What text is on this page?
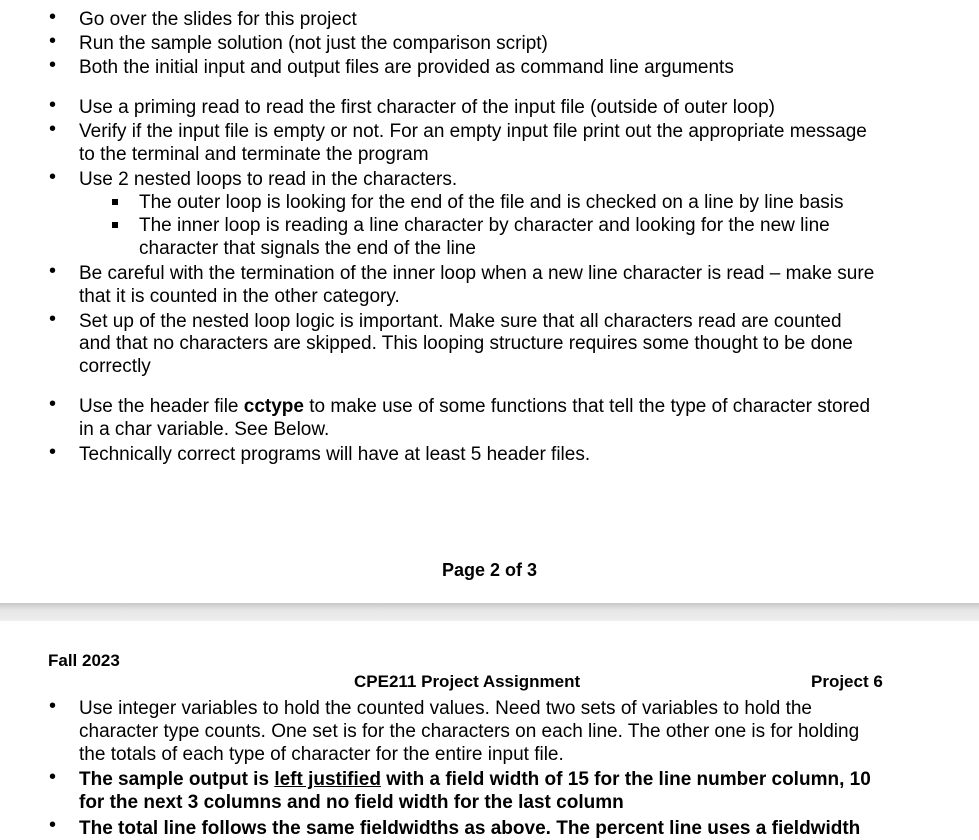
• Go over the slides for this project
• Run the sample solution (not just the comparison script)
• Both the initial input and output files are provided as command line arguments
• Use a priming read to read the first character of the input file (outside of outer loop)
• Verify if the input file is empty or not. For an empty input file print out the appropriate message
to the terminal and terminate the program
• Use 2 nested loops to read in the characters.
The outer loop is looking for the end of the file and is checked on a line by line basis
The inner loop is reading a line character by character and looking for the new line
character that signals the end of the line
• Be careful with the termination of the inner loop when a new line character is read – make sure
that it is counted in the other category.
• Set up of the nested loop logic is important. Make sure that all characters read are counted
and that no characters are skipped. This looping structure requires some thought to be done
correctly
• Use the header file cctype to make use of some functions that tell the type of character stored
in a char variable. See Below.
• Technically correct programs will have at least 5 header files.
Page 2 of 3
Fall 2023
CPE211 Project Assignment	Project 6
• Use integer variables to hold the counted values. Need two sets of variables to hold the
character type counts. One set is for the characters on each line. The other one is for holding
the totals of each type of character for the entire input file.
• The sample output is left justified with a field width of 15 for the line number column, 10
for the next 3 columns and no field width for the last column
• The total line follows the same fieldwidths as above. The percent line uses a fieldwidth
